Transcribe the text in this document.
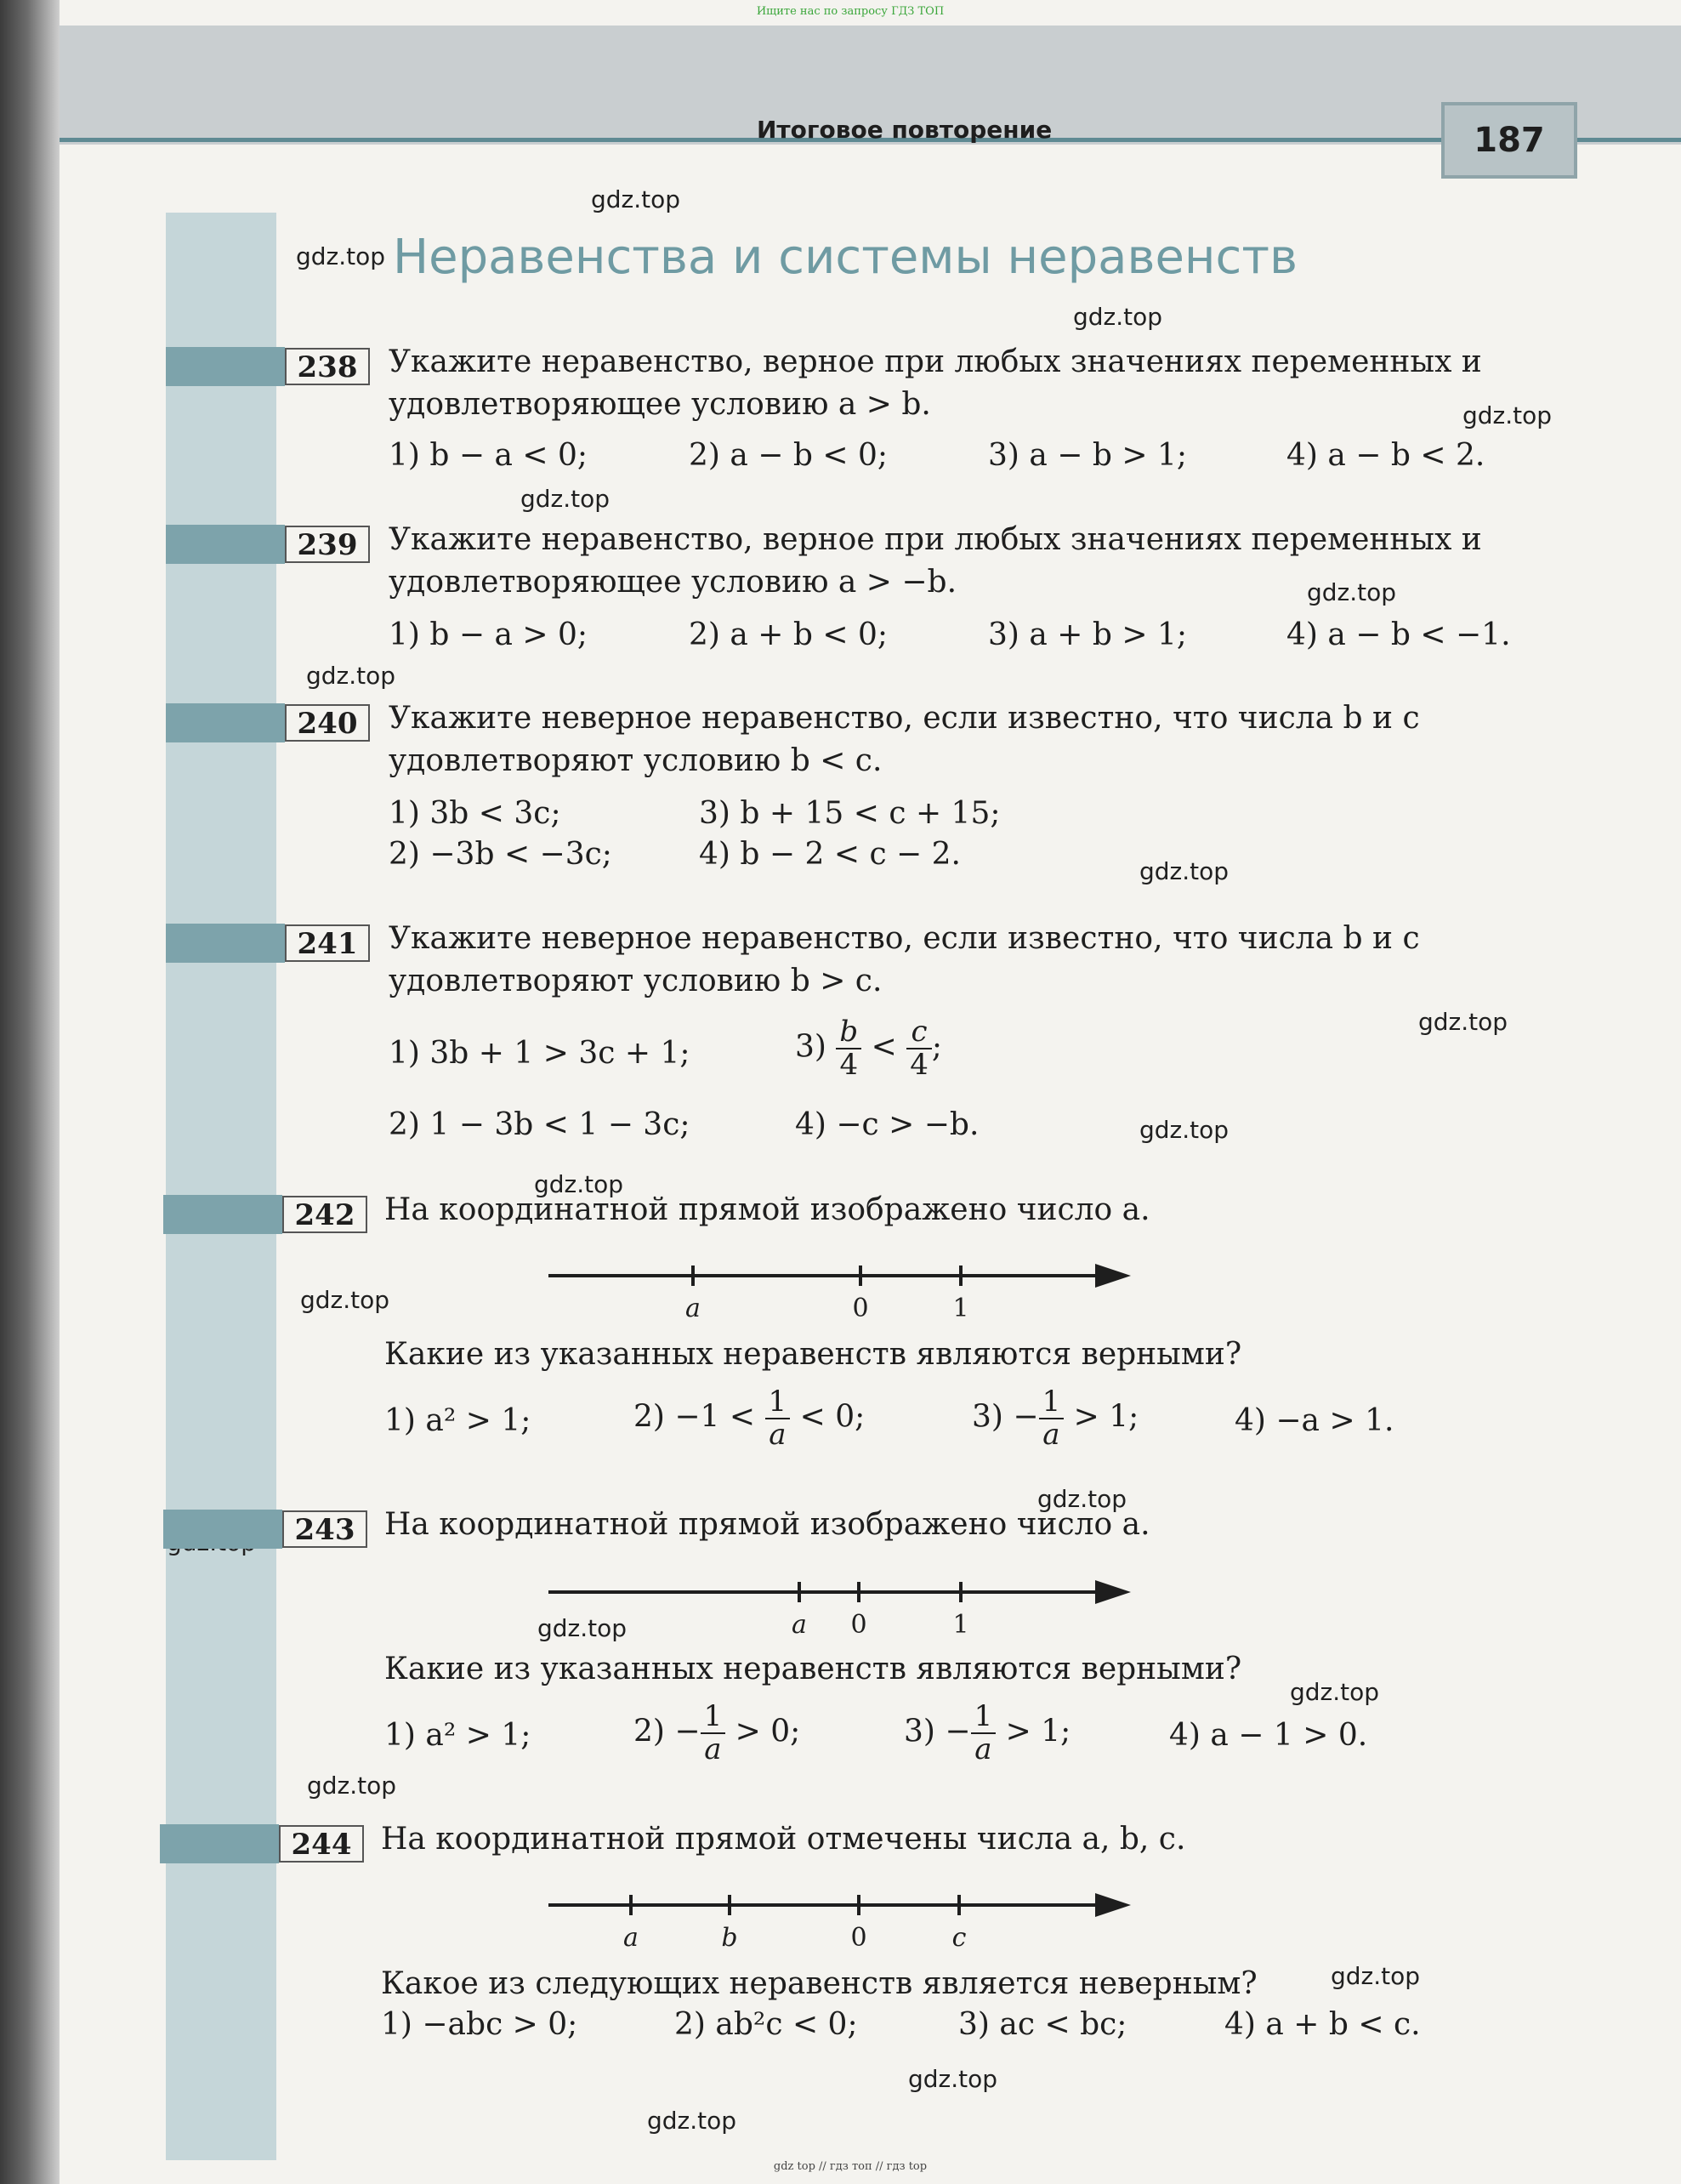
Ищите нас по запросу ГДЗ ТОП
Итоговое повторение	187
Неравенства и системы неравенств
gdz.top
gdz.top
gdz.top
gdz.top
gdz.top
gdz.top
gdz.top
gdz.top
gdz.top
gdz.top
gdz.top
gdz.top
gdz.top
gdz.top
gdz.top
gdz.top
gdz.top
gdz.top
gdz.top
238	Укажите неравенство, верное при любых значениях переменных и
удовлетворяющее условию a > b.
1) b − a < 0;	2) a − b < 0;	3) a − b > 1;	4) a − b < 2.
239	Укажите неравенство, верное при любых значениях переменных и
удовлетворяющее условию a > −b.
1) b − a > 0;	2) a + b < 0;	3) a + b > 1;	4) a − b < −1.
240	Укажите неверное неравенство, если известно, что числа b и c
удовлетворяют условию b < c.
1) 3b < 3c;	3) b + 15 < c + 15;
2) −3b < −3c;	4) b − 2 < c − 2.
241	Укажите неверное неравенство, если известно, что числа b и c
удовлетворяют условию b > c.
1) 3b + 1 > 3c + 1;	$3) \frac{b}{4} < \frac{c}{4}$ ;
2) 1 − 3b < 1 − 3c;	4) −c > −b.
242 На координатной прямой изображено число a.
a	0	1
Какие из указанных неравенств являются верными?
1) a² > 1;	$2) -1 < \frac{1}{a} < 0$;	$3) - \frac{1}{a} > 1$;	4) −a > 1.
243 На координатной прямой изображено число a.
a 0	1
Какие из указанных неравенств являются верными?
1) a² > 1;	$2) - \frac{1}{a} > 0$;	$3) - \frac{1}{a} > 1$;	4) a − 1 > 0.
244 На координатной прямой отмечены числа a, b, c.
a	b	0	c
Какое из следующих неравенств является неверным?
1) −abc > 0;	2) ab²c < 0;	3) ac < bc;	4) a + b < c.
gdz top // гдз топ // гдз top
